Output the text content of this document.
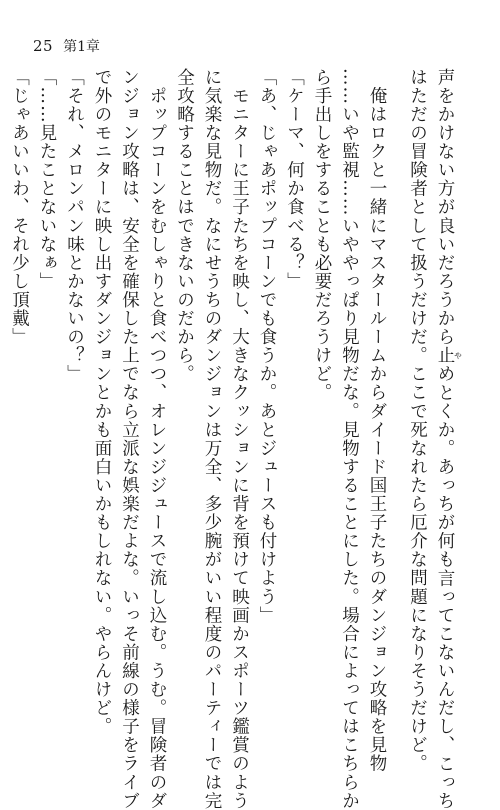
25 第1章
声をかけない方が良いだろうから止やめとくか。あっちが何も言ってこないんだし、こっち
はただの冒険者として扱うだけだ。ここで死なれたら厄介な問題になりそうだけど。
　俺はロクと一緒にマスタールームからダイード国王子たちのダンジョン攻略を見物
……いや監視……いややっぱり見物だな。見物することにした。場合によってはこちらか
ら手出しをすることも必要だろうけど。
「ケーマ、何か食べる？」
「あ、じゃあポップコーンでも食うか。あとジュースも付けよう」
　モニターに王子たちを映し、大きなクッションに背を預けて映画かスポーツ鑑賞のよう
に気楽な見物だ。なにせうちのダンジョンは万全、多少腕がいい程度のパーティーでは完
全攻略することはできないのだから。
　ポップコーンをむしゃりと食べつつ、オレンジジュースで流し込む。うむ。冒険者のダ
ンジョン攻略は、安全を確保した上でなら立派な娯楽だよな。いっそ前線の様子をライブ
で外のモニターに映し出すダンジョンとかも面白いかもしれない。やらんけど。
「それ、メロンパン味とかないの？」
「……見たことないなぁ」
「じゃあいいわ、それ少し頂戴」
